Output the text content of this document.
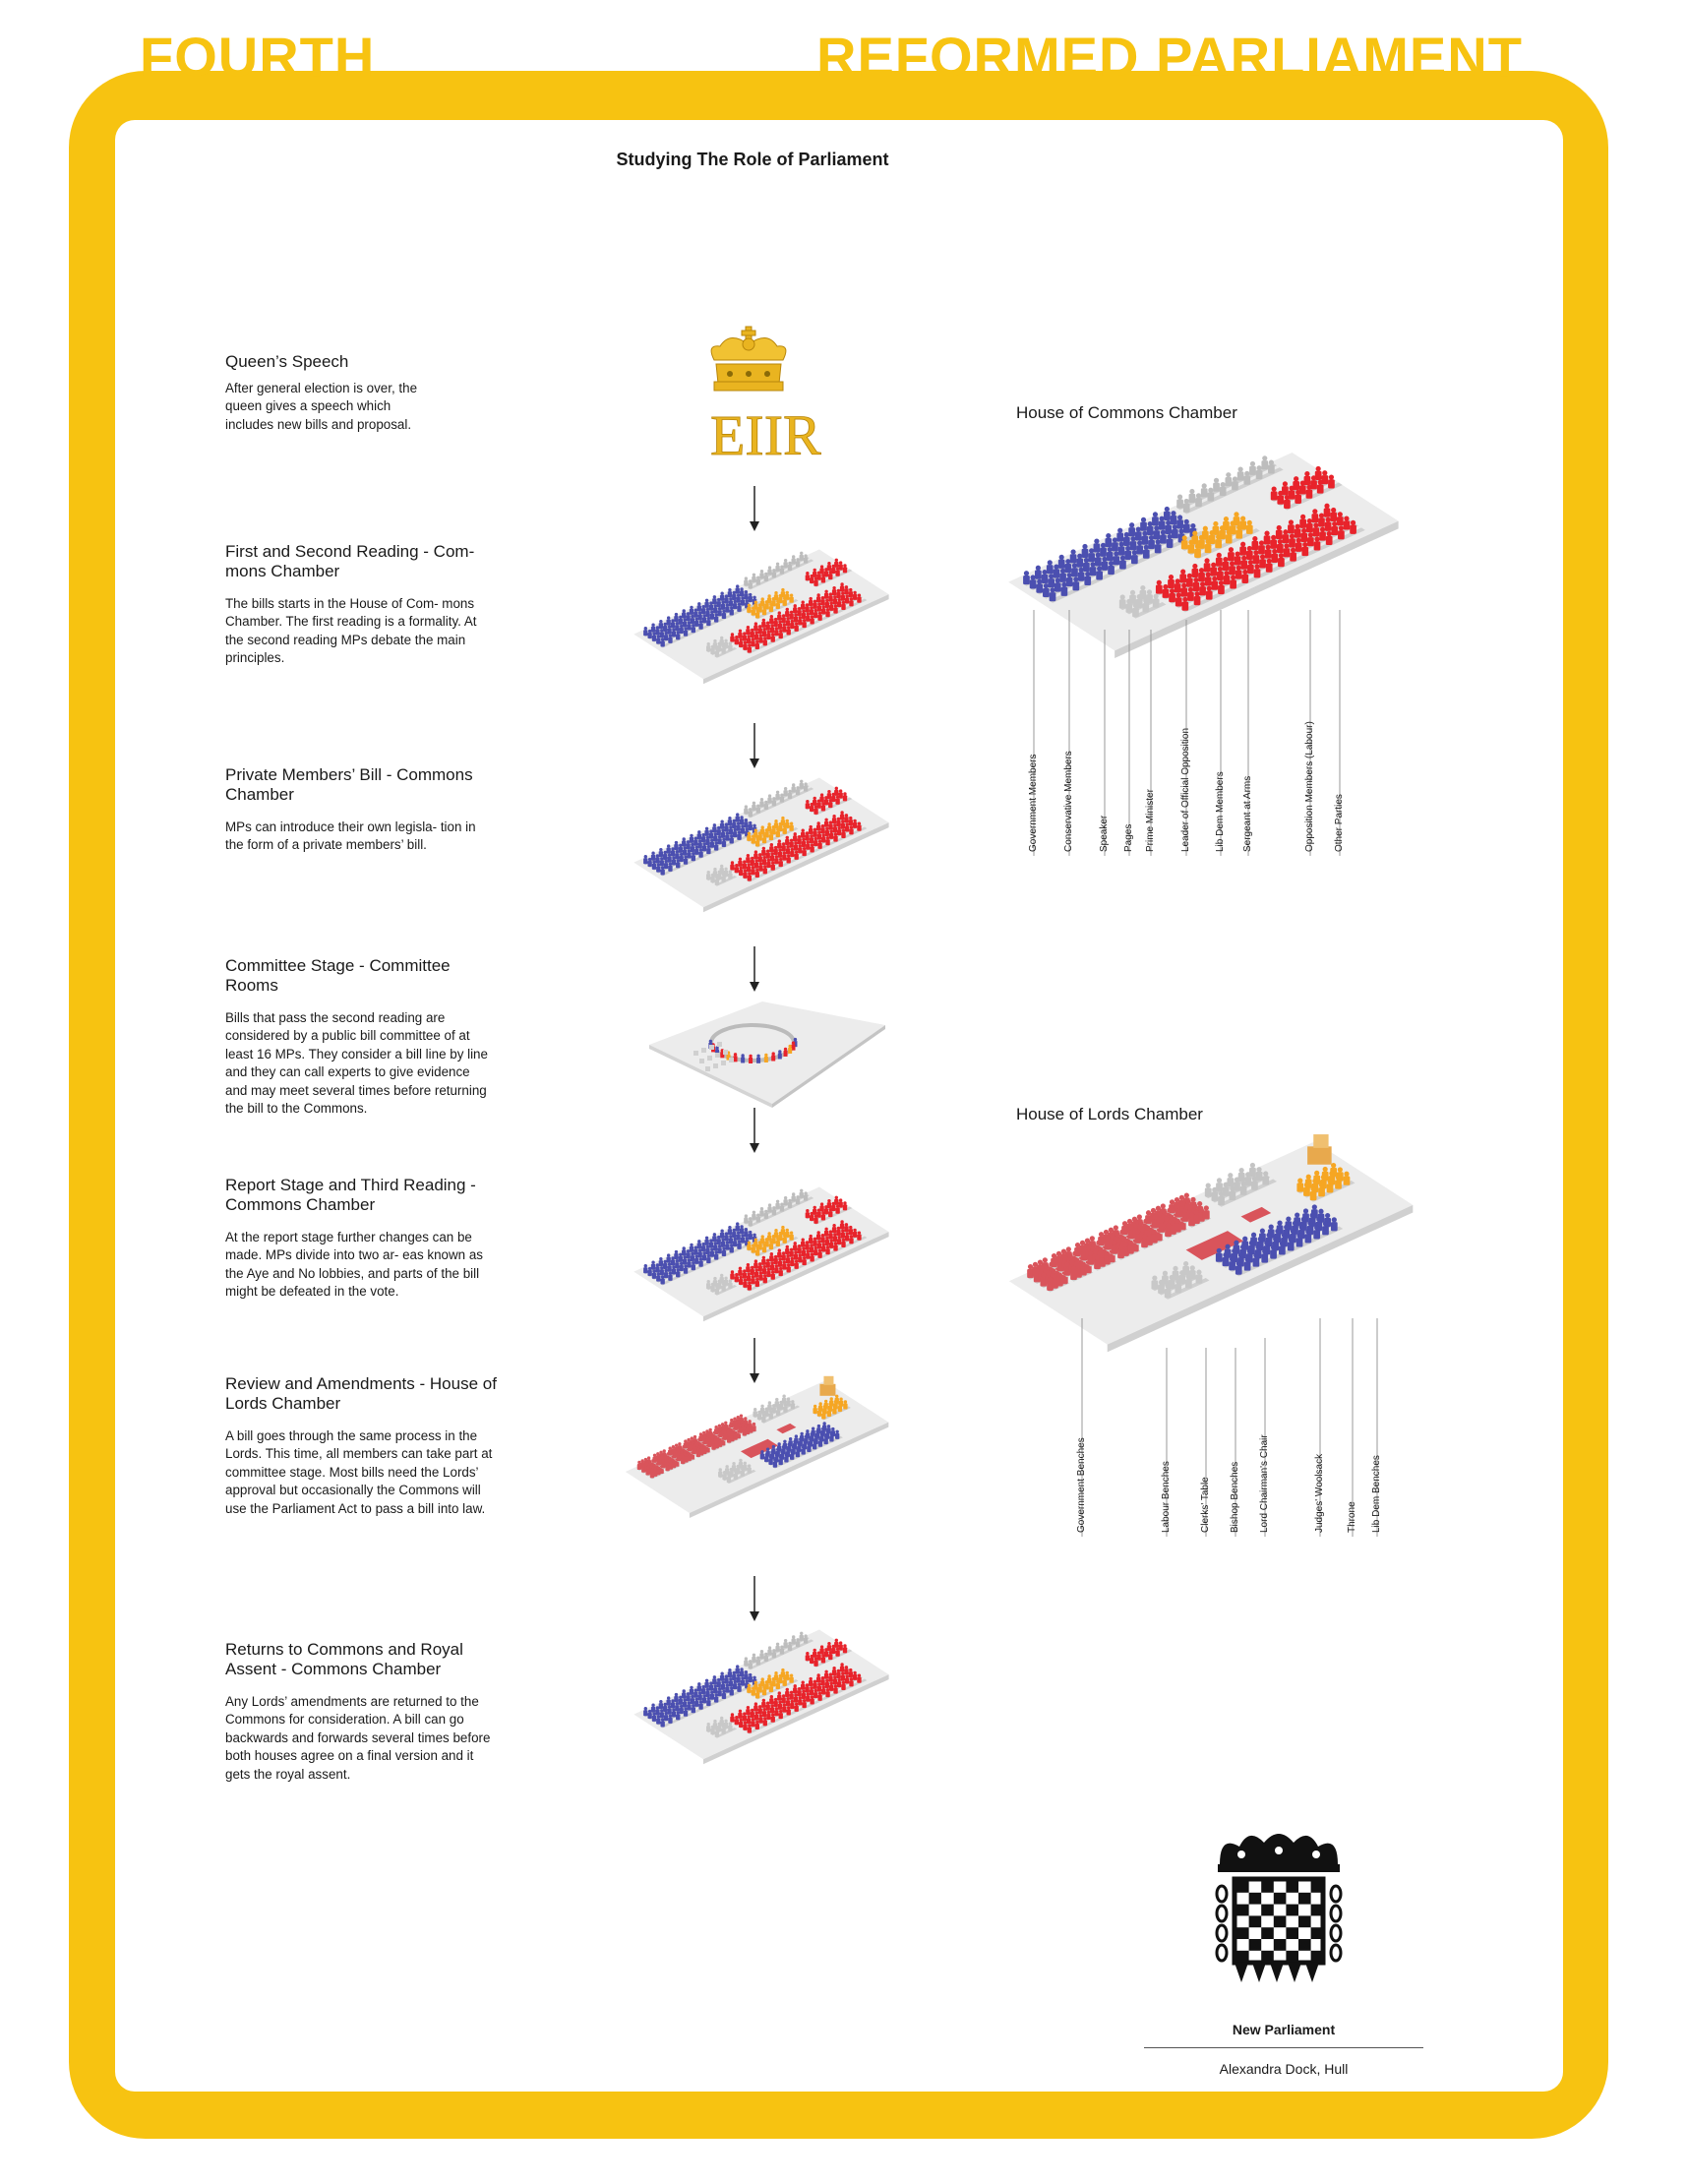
FOURTH	REFORMED PARLIAMENT
Studying The Role of Parliament
Queen’s Speech

After general election is over, the queen gives a speech which includes new bills and proposal.

First and Second Reading - Com- mons Chamber

The bills starts in the House of Com- mons Chamber. The first reading is a formality. At the second reading MPs debate the main principles.

Private Members’ Bill - Commons Chamber

MPs can introduce their own legisla- tion in the form of a private members’ bill.

Committee Stage - Committee Rooms

Bills that pass the second reading are considered by a public bill committee of at least 16 MPs. They consider a bill line by line and they can call experts to give evidence and may meet several times before returning the bill to the Commons.

Report Stage and Third Reading - Commons Chamber

At the report stage further changes can be made. MPs divide into two ar- eas known as the Aye and No lobbies, and parts of the bill might be defeated in the vote.

Review and Amendments - House of Lords Chamber

A bill goes through the same process in the Lords. This time, all members can take part at committee stage. Most bills need the Lords’ approval but occasionally the Commons will use the Parliament Act to pass a bill into law.

Returns to Commons and Royal Assent - Commons Chamber

Any Lords’ amendments are returned to the Commons for consideration. A bill can go backwards and forwards several times before both houses agree on a final version and it gets the royal assent.

EIIR	House of Commons Chamber
Government Members	Conservative Members	Speaker Pages Prime Minister	Leader of Official Opposition Lib Dem Members Sergeant at Arms	Opposition Members (Labour) Other Parties
House of Lords Chamber
Government Benches	Labour Benches	Clerks' Table Bishop Benches Lord Chairman's Chair	Judges' Woolsack Throne Lib Dem Benches
New Parliament
Alexandra Dock, Hull
